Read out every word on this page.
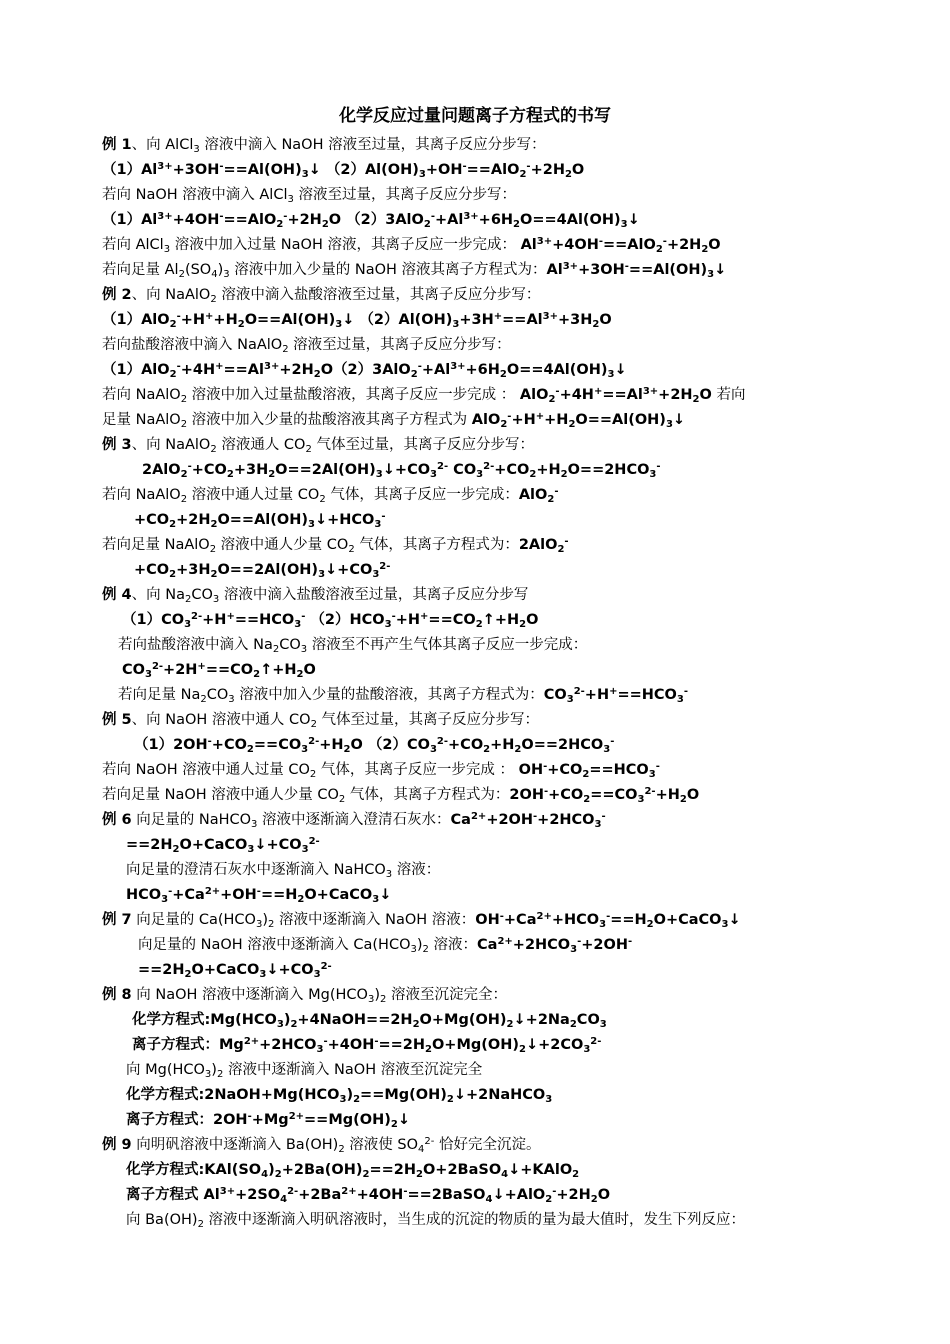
化学反应过量问题离子方程式的书写
例 1、向 AlCl$_3$ 溶液中滴入 NaOH 溶液至过量，其离子反应分步写：
$(1)Al^{3+}+3OH^-==Al(OH)_3↓$ $(2)Al(OH)_3+OH^-==AlO_2^-+2H_2O$
若向 NaOH 溶液中滴入 AlCl$_3$ 溶液至过量，其离子反应分步写：
$(1)Al^{3+}+4OH^-==AlO_2^-+2H_2O$ $(2)3AlO_2^-+Al^{3+}+6H_2O==4Al(OH)_3↓$
若向 AlCl$_3$ 溶液中加入过量 NaOH 溶液，其离子反应一步完成： $Al^{3+}+4OH^-==AlO_2^-+2H_2O$
若向足量 $Al_2(SO_4)_3$ 溶液中加入少量的 NaOH 溶液其离子方程式为：$Al^{3+}+3OH^-==Al(OH)_3↓$
例 2、向 NaAlO$_2$ 溶液中滴入盐酸溶液至过量，其离子反应分步写：
$(1)AlO_2^-+H^++H_2O==Al(OH)_3↓$ $(2)Al(OH)_3+3H^+==Al^{3+}+3H_2O$
若向盐酸溶液中滴入 NaAlO$_2$ 溶液至过量，其离子反应分步写：
$(1)AlO_2^-+4H^+==Al^{3+}+2H_2O(2)3AlO_2^-+Al^{3+}+6H_2O==4Al(OH)_3↓$
若向 NaAlO$_2$ 溶液中加入过量盐酸溶液，其离子反应一步完成 ： $AlO_2^-+4H^+==Al^{3+}+2H_2O$ 若向
足量 NaAlO$_2$ 溶液中加入少量的盐酸溶液其离子方程式为 $AlO_2^-+H^++H_2O==Al(OH)_3↓$
例 3、向 NaAlO$_2$ 溶液通人 $CO_2$ 气体至过量，其离子反应分步写：
$2AlO_2^-+CO_2+3H_2O==2Al(OH)_3↓+CO_3^{2-}$ $CO_3^{2-}+CO_2+H_2O==2HCO_3^-$
若向 NaAlO$_2$ 溶液中通人过量 $CO_2$ 气体，其离子反应一步完成：AlO$_2$-
$+CO_2+2H_2O==Al(OH)_3↓+HCO_3^-$
若向足量 NaAlO$_2$ 溶液中通人少量 $CO_2$ 气体，其离子方程式为：2AlO$_2$-
$+CO_2+3H_2O==2Al(OH)_3↓+CO_3^{2-}$
例 4、向 $Na_2CO_3$ 溶液中滴入盐酸溶液至过量，其离子反应分步写
$(1)CO_3^{2-}+H^+==HCO_3^-$ $(2)HCO_3^-+H^+==CO_2↑+H_2O$
若向盐酸溶液中滴入 $Na_2CO_3$ 溶液至不再产生气体其离子反应一步完成：
$CO_3^{2-}+2H^+==CO_2↑+H_2O$
若向足量 $Na_2CO_3$ 溶液中加入少量的盐酸溶液，其离子方程式为：$CO_3^{2-}+H^+==HCO_3^-$
例 5、向 NaOH 溶液中通人 $CO_2$ 气体至过量，其离子反应分步写：
$(1)2OH^-+CO_2==CO_3^{2-}+H_2O$ $(2)CO_3^{2-}+CO_2+H_2O==2HCO_3^-$
若向 NaOH 溶液中通人过量 $CO_2$ 气体，其离子反应一步完成 ： $OH^-+CO_2==HCO_3^-$
若向足量 NaOH 溶液中通人少量 $CO_2$ 气体，其离子方程式为：$2OH^-+CO_2==CO_3^{2-}+H_2O$
例 6 向足量的 NaHCO$_3$ 溶液中逐渐滴入澄清石灰水：$Ca^{2+}+2OH^-+2HCO_3^-$
$==2H_2O+CaCO_3↓+CO_3^{2-}$
向足量的澄清石灰水中逐渐滴入 NaHCO$_3$ 溶液：
$HCO_3^-+Ca^{2+}+OH^-==H_2O+CaCO_3↓$
例 7 向足量的 $Ca(HCO_3)_2$ 溶液中逐渐滴入 NaOH 溶液：$OH^-+Ca^{2+}+HCO_3^-==H_2O+CaCO_3↓$
向足量的 NaOH 溶液中逐渐滴入 $Ca(HCO_3)_2$ 溶液：$Ca^{2+}+2HCO_3^-+2OH^-$
$==2H_2O+CaCO_3↓+CO_3^{2-}$
例 8 向 NaOH 溶液中逐渐滴入 $Mg(HCO_3)_2$ 溶液至沉淀完全：
化学方程式$:Mg(HCO_3)_2+4NaOH==2H_2O+Mg(OH)_2↓+2Na_2CO_3$
离子方程式：$Mg^{2+}+2HCO_3^-+4OH^-==2H_2O+Mg(OH)_2↓+2CO_3^{2-}$
向 $Mg(HCO_3)_2$ 溶液中逐渐滴入 NaOH 溶液至沉淀完全
化学方程式$:2NaOH+Mg(HCO_3)_2==Mg(OH)_2↓+2NaHCO_3$
离子方程式：$2OH^-+Mg^{2+}==Mg(OH)_2↓$
例 9 向明矾溶液中逐渐滴入 $Ba(OH)_2$ 溶液使 $SO_4^{2-}$ 恰好完全沉淀。
化学方程式$:KAl(SO_4)_2+2Ba(OH)_2==2H_2O+2BaSO_4↓+KAlO_2$
离子方程式 $Al^{3+}+2SO_4^{2-}+2Ba^{2+}+4OH^-==2BaSO_4↓+AlO_2^-+2H_2O$
向 $Ba(OH)_2$ 溶液中逐渐滴入明矾溶液时，当生成的沉淀的物质的量为最大值时，发生下列反应：
